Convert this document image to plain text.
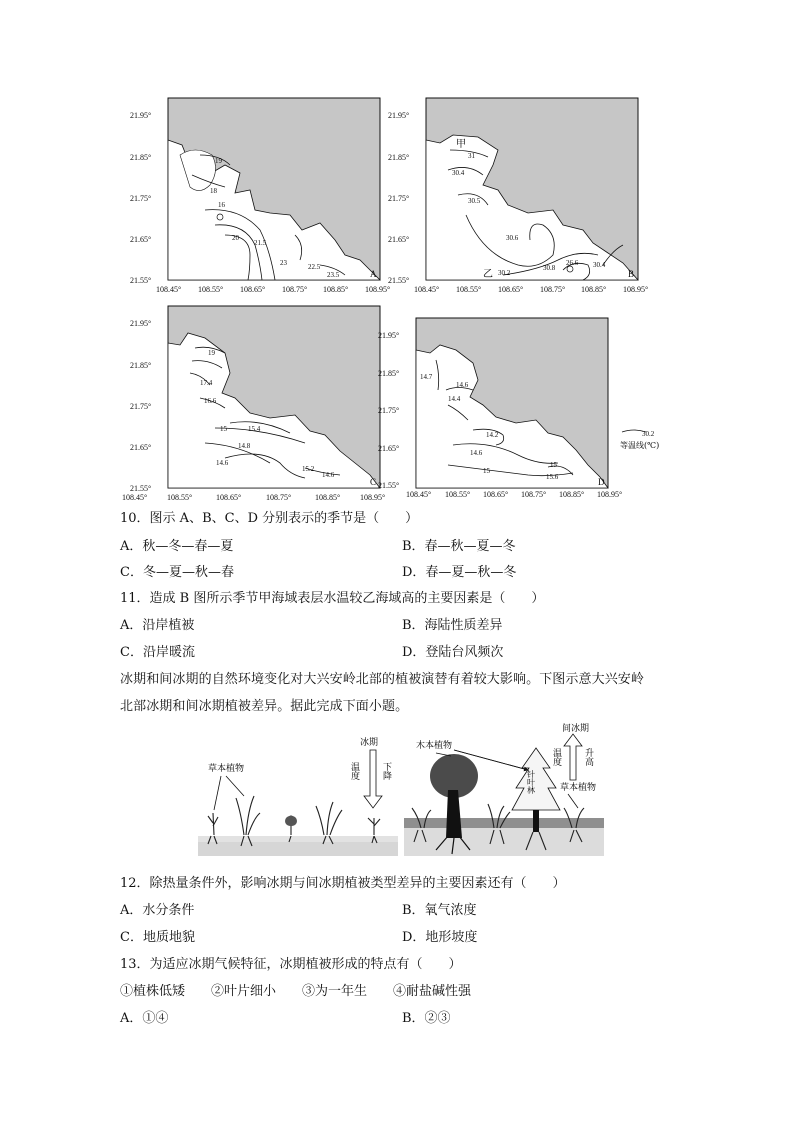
19
18
16
20
21.5
22.5
23
23.5	A
21.95°
21.85°
21.75°
21.65°
21.55°
108.45° 108.55° 108.65° 108.75° 108.85° 108.95°
甲
乙
31
30.4
30.5
30.6
30.2
26.6
30.8	30.4
B
21.95°
21.85°
21.75°
21.65°
21.55°
108.45° 108.55° 108.65° 108.75° 108.85° 108.95°
19
17.4
16.6
15	15.4
14.8
14.6
15.2
14.6
C
21.95°
21.85°
21.75°
21.65°
21.55°
108.45° 108.55°	108.65°	108.75°	108.85° 108.95°
14.7
14.6
14.4
14.2
14.6
15
15
15.6	D
21.95°
21.85°
21.75°
21.65°
21.55°
108.45° 108.55° 108.65° 108.75° 108.85° 108.95°
30.2
等温线(℃)
10．图示 A、B、C、D 分别表示的季节是（　　）
A．秋—冬—春—夏	B．春—秋—夏—冬
C．冬—夏—秋—春	D．春—夏—秋—冬
11．造成 B 图所示季节甲海域表层水温较乙海域高的主要因素是（　　）
A．沿岸植被	B．海陆性质差异
C．沿岸暖流	D．登陆台风频次
冰期和间冰期的自然环境变化对大兴安岭北部的植被演替有着较大影响。下图示意大兴安岭
北部冰期和间冰期植被差异。据此完成下面小题。
草本植物
冰期
温度 下降	针叶林
木本植物
间冰期
温度 升高
草本植物
12．除热量条件外，影响冰期与间冰期植被类型差异的主要因素还有（　　）
A．水分条件	B．氧气浓度
C．地质地貌	D．地形坡度
13．为适应冰期气候特征，冰期植被形成的特点有（　　）
①植株低矮　　②叶片细小　　③为一年生　　④耐盐碱性强
A．①④	B．②③
